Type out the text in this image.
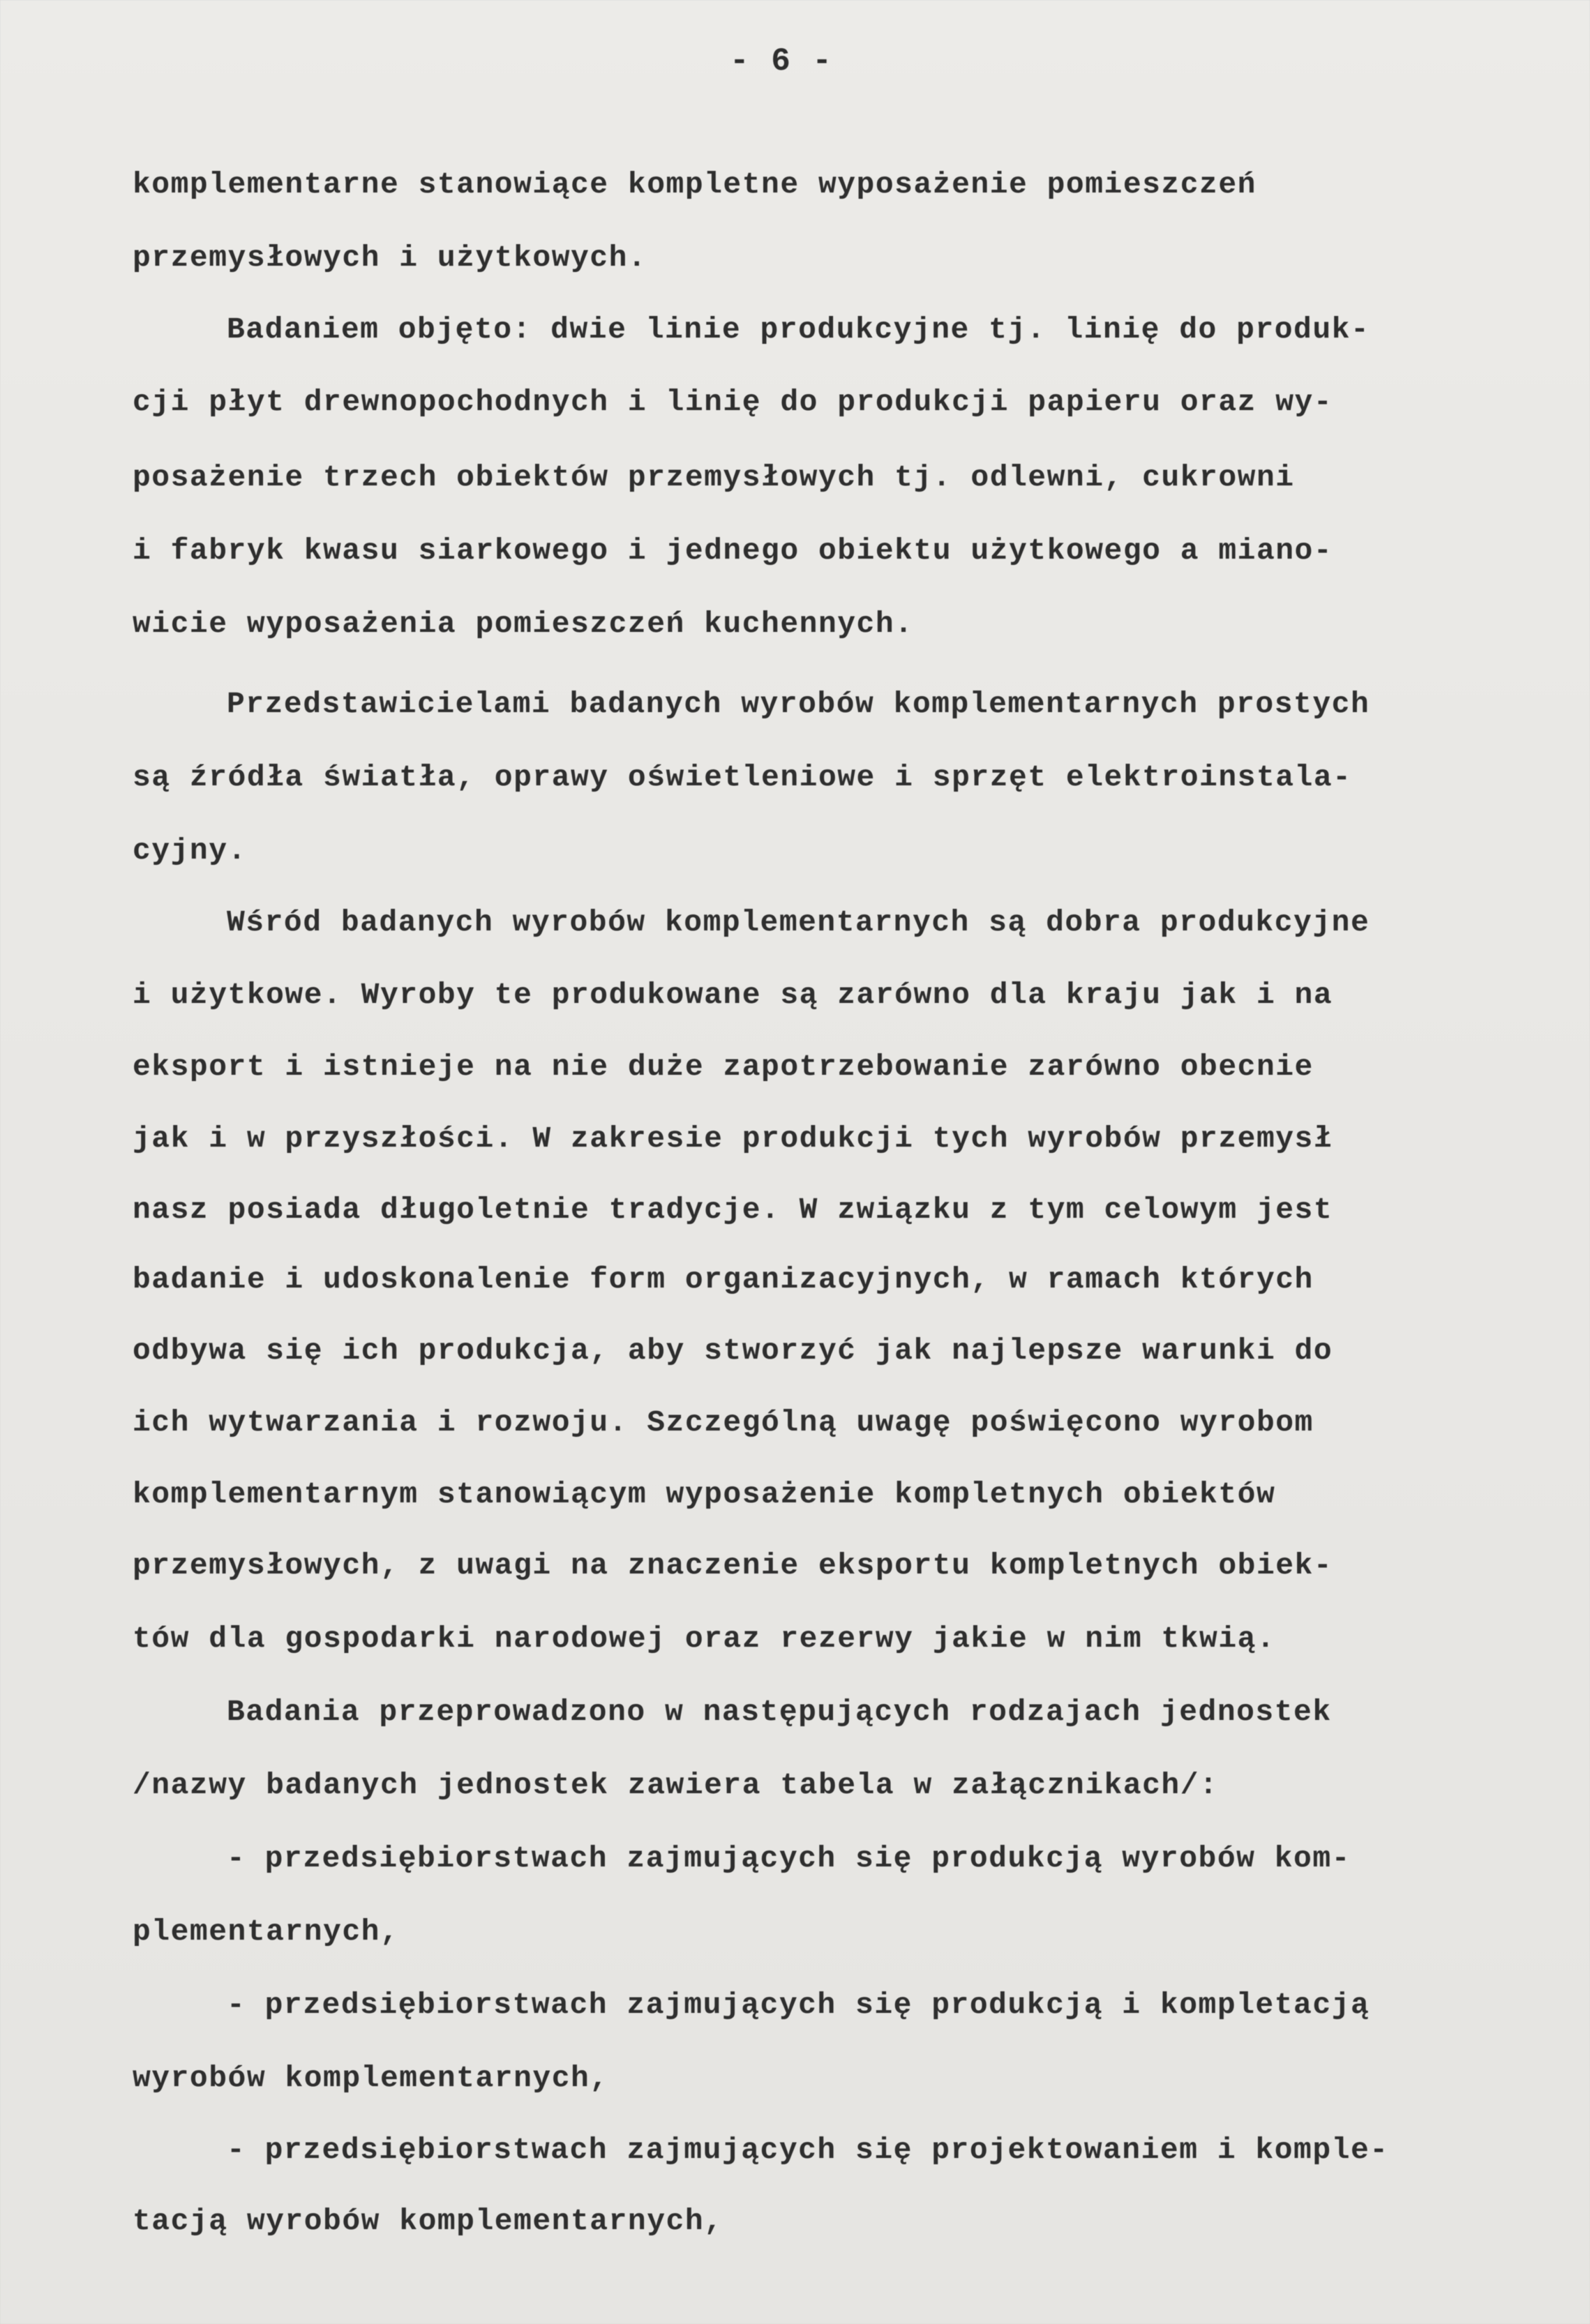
- 6 -
komplementarne stanowiące kompletne wyposażenie pomieszczeń
przemysłowych i użytkowych.
Badaniem objęto: dwie linie produkcyjne tj. linię do produk-
cji płyt drewnopochodnych i linię do produkcji papieru oraz wy-
posażenie trzech obiektów przemysłowych tj. odlewni, cukrowni
i fabryk kwasu siarkowego i jednego obiektu użytkowego a miano-
wicie wyposażenia pomieszczeń kuchennych.
Przedstawicielami badanych wyrobów komplementarnych prostych
są źródła światła, oprawy oświetleniowe i sprzęt elektroinstala-
cyjny.
Wśród badanych wyrobów komplementarnych są dobra produkcyjne
i użytkowe. Wyroby te produkowane są zarówno dla kraju jak i na
eksport i istnieje na nie duże zapotrzebowanie zarówno obecnie
jak i w przyszłości. W zakresie produkcji tych wyrobów przemysł
nasz posiada długoletnie tradycje. W związku z tym celowym jest
badanie i udoskonalenie form organizacyjnych, w ramach których
odbywa się ich produkcja, aby stworzyć jak najlepsze warunki do
ich wytwarzania i rozwoju. Szczególną uwagę poświęcono wyrobom
komplementarnym stanowiącym wyposażenie kompletnych obiektów
przemysłowych, z uwagi na znaczenie eksportu kompletnych obiek-
tów dla gospodarki narodowej oraz rezerwy jakie w nim tkwią.
Badania przeprowadzono w następujących rodzajach jednostek
/nazwy badanych jednostek zawiera tabela w załącznikach/:
- przedsiębiorstwach zajmujących się produkcją wyrobów kom-
plementarnych,
- przedsiębiorstwach zajmujących się produkcją i kompletacją
wyrobów komplementarnych,
- przedsiębiorstwach zajmujących się projektowaniem i komple-
tacją wyrobów komplementarnych,
